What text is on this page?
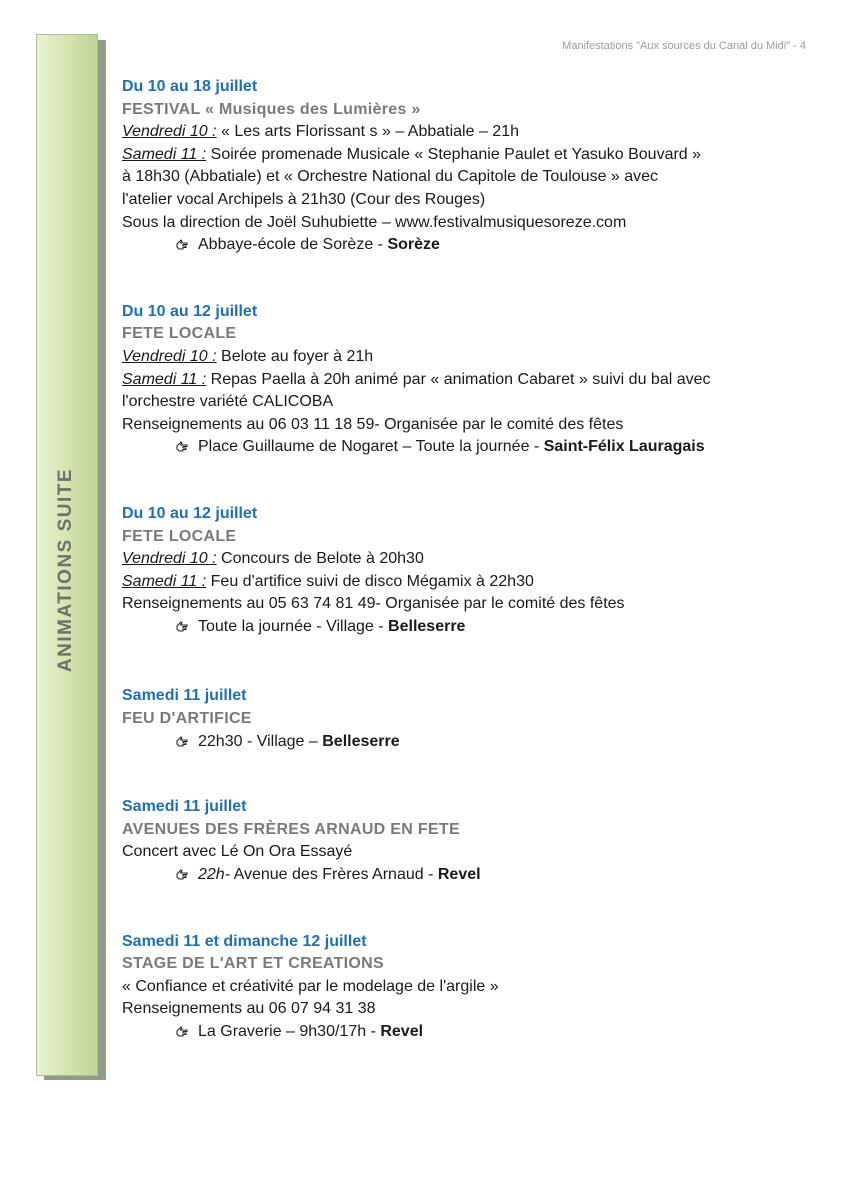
Manifestations "Aux sources du Canal du Midi" - 4
ANIMATIONS SUITE
Du 10 au 18 juillet
FESTIVAL « Musiques des Lumières »
Vendredi 10 : « Les arts Florissant s » – Abbatiale – 21h
Samedi 11 : Soirée promenade Musicale « Stephanie Paulet et Yasuko Bouvard »
à 18h30 (Abbatiale) et « Orchestre National du Capitole de Toulouse » avec
l'atelier vocal Archipels à 21h30 (Cour des Rouges)
Sous la direction de Joël Suhubiette – www.festivalmusiquesoreze.com
Abbaye-école de Sorèze - Sorèze
Du 10 au 12 juillet
FETE LOCALE
Vendredi 10 : Belote au foyer à 21h
Samedi 11 : Repas Paella à 20h animé par « animation Cabaret » suivi du bal avec
l'orchestre variété CALICOBA
Renseignements au 06 03 11 18 59- Organisée par le comité des fêtes
Place Guillaume de Nogaret – Toute la journée - Saint-Félix Lauragais
Du 10 au 12 juillet
FETE LOCALE
Vendredi 10 : Concours de Belote à 20h30
Samedi 11 : Feu d'artifice suivi de disco Mégamix à 22h30
Renseignements au 05 63 74 81 49- Organisée par le comité des fêtes
Toute la journée - Village - Belleserre
Samedi 11 juillet
FEU D'ARTIFICE
22h30 - Village – Belleserre
Samedi 11 juillet
AVENUES DES FRÈRES ARNAUD EN FETE
Concert avec Lé On Ora Essayé
22h- Avenue des Frères Arnaud - Revel
Samedi 11 et dimanche 12 juillet
STAGE DE L'ART ET CREATIONS
« Confiance et créativité par le modelage de l'argile »
Renseignements au 06 07 94 31 38
La Graverie – 9h30/17h - Revel
